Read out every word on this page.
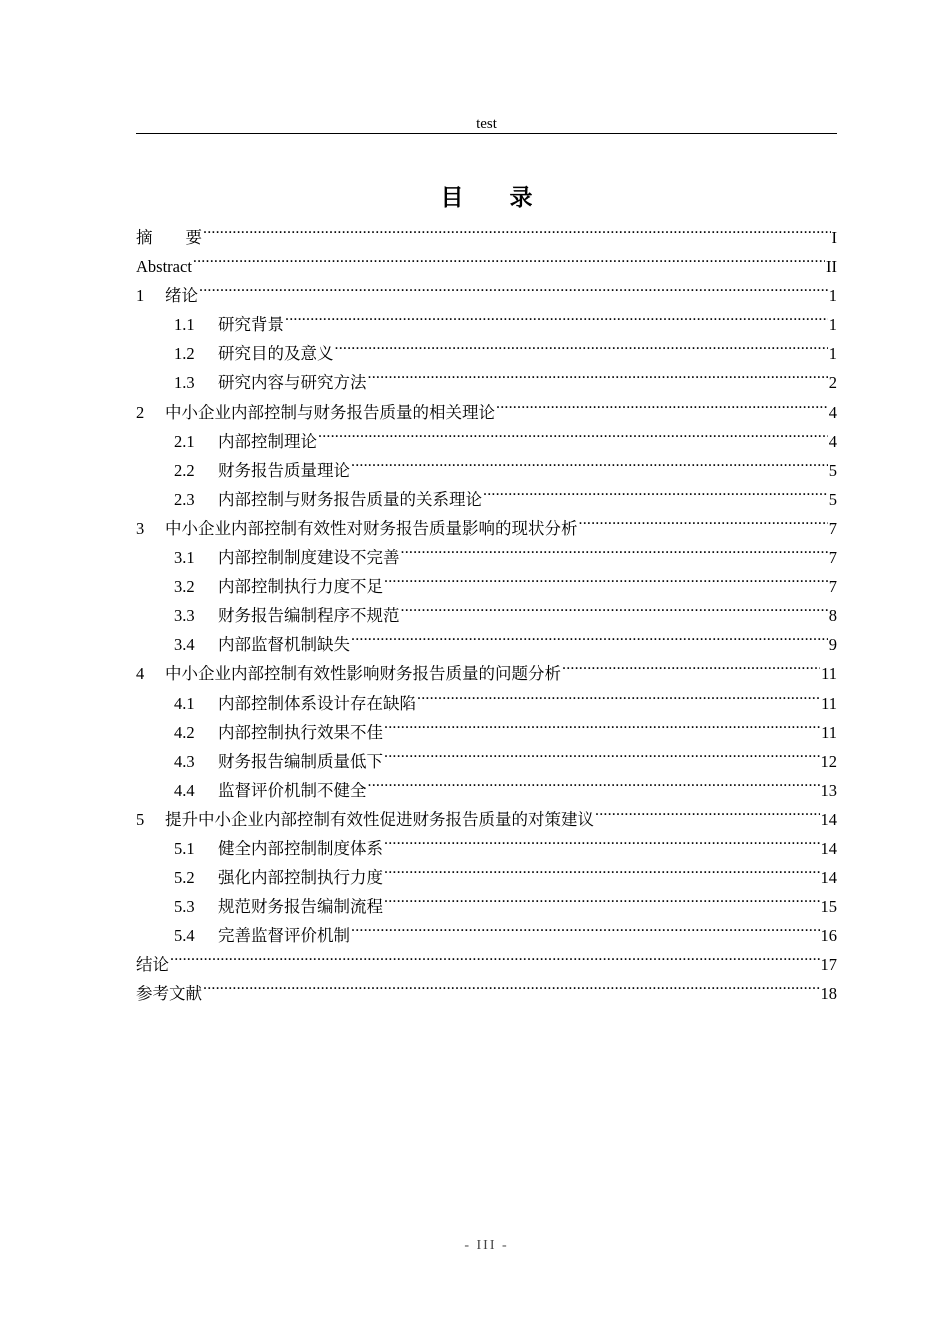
test
目　　录
摘　　要 .....	I
Abstract .....	II
1	绪论 .....	1
1.1	研究背景 .....	1
1.2	研究目的及意义 .....	1
1.3	研究内容与研究方法 .....	2
2	中小企业内部控制与财务报告质量的相关理论 .....	4
2.1	内部控制理论 .....	4
2.2	财务报告质量理论 .....	5
2.3	内部控制与财务报告质量的关系理论 .....	5
3	中小企业内部控制有效性对财务报告质量影响的现状分析 .....	7
3.1	内部控制制度建设不完善 .....	7
3.2	内部控制执行力度不足 .....	7
3.3	财务报告编制程序不规范 .....	8
3.4	内部监督机制缺失 .....	9
4	中小企业内部控制有效性影响财务报告质量的问题分析 .....	11
4.1	内部控制体系设计存在缺陷 .....	11
4.2	内部控制执行效果不佳 .....	11
4.3	财务报告编制质量低下 .....	12
4.4	监督评价机制不健全 .....	13
5	提升中小企业内部控制有效性促进财务报告质量的对策建议 .....	14
5.1	健全内部控制制度体系 .....	14
5.2	强化内部控制执行力度 .....	14
5.3	规范财务报告编制流程 .....	15
5.4	完善监督评价机制 .....	16
结论 .....	17
参考文献 .....	18
- III -
